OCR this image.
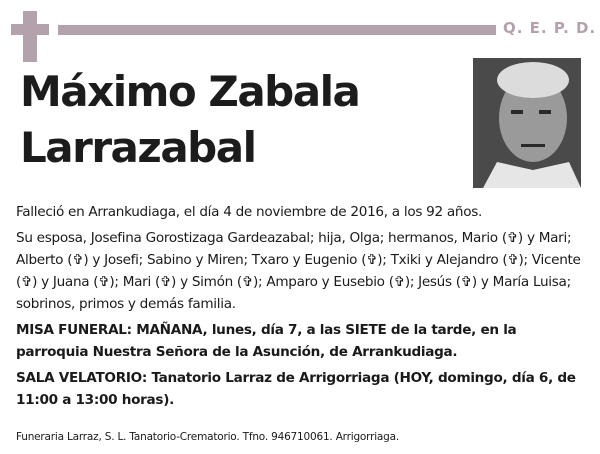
Q. E. P. D.
Máximo Zabala
Larrazabal

Falleció en Arrankudiaga, el día 4 de noviembre de 2016, a los 92 años.

Su esposa, Josefina Gorostizaga Gardeazabal; hija, Olga; hermanos, Mario (✞) y Mari; Alberto (✞) y Josefi; Sabino y Miren; Txaro y Eugenio (✞); Txiki y Alejandro (✞); Vicente (✞) y Juana (✞); Mari (✞) y Simón (✞); Amparo y Eusebio (✞); Jesús (✞) y María Luisa; sobrinos, primos y demás familia.

MISA FUNERAL: MAÑANA, lunes, día 7, a las SIETE de la tarde, en la parroquia Nuestra Señora de la Asunción, de Arrankudiaga.

SALA VELATORIO: Tanatorio Larraz de Arrigorriaga (HOY, domingo, día 6, de 11:00 a 13:00 horas).

Funeraria Larraz, S. L. Tanatorio-Crematorio. Tfno. 946710061. Arrigorriaga.
